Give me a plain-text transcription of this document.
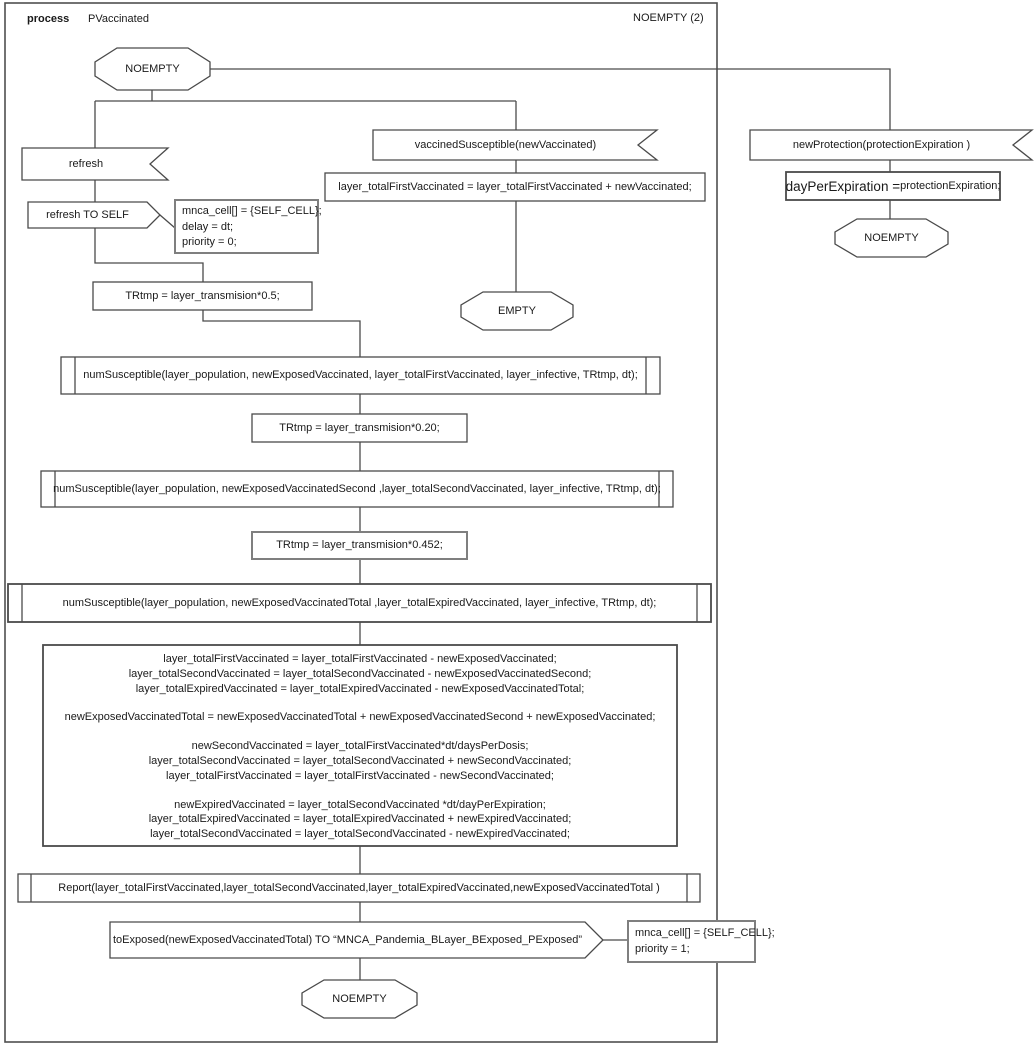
process PVaccinated	NOEMPTY (2)
NOEMPTY
refresh
refresh TO SELF	mnca_cell[] = {SELF_CELL};
delay = dt;
priority = 0;
TRtmp = layer_transmision*0.5;
numSusceptible(layer_population, newExposedVaccinated, layer_totalFirstVaccinated, layer_infective, TRtmp, dt);
TRtmp = layer_transmision*0.20;
numSusceptible(layer_population, newExposedVaccinatedSecond ,layer_totalSecondVaccinated, layer_infective, TRtmp, dt);
TRtmp = layer_transmision*0.452;
numSusceptible(layer_population, newExposedVaccinatedTotal ,layer_totalExpiredVaccinated, layer_infective, TRtmp, dt);
layer_totalFirstVaccinated = layer_totalFirstVaccinated - newExposedVaccinated;
layer_totalSecondVaccinated = layer_totalSecondVaccinated - newExposedVaccinatedSecond;
layer_totalExpiredVaccinated = layer_totalExpiredVaccinated - newExposedVaccinatedTotal;
newExposedVaccinatedTotal = newExposedVaccinatedTotal + newExposedVaccinatedSecond + newExposedVaccinated;
newSecondVaccinated = layer_totalFirstVaccinated*dt/daysPerDosis;
layer_totalSecondVaccinated = layer_totalSecondVaccinated + newSecondVaccinated;
layer_totalFirstVaccinated = layer_totalFirstVaccinated - newSecondVaccinated;
newExpiredVaccinated = layer_totalSecondVaccinated *dt/dayPerExpiration;
layer_totalExpiredVaccinated = layer_totalExpiredVaccinated + newExpiredVaccinated;
layer_totalSecondVaccinated = layer_totalSecondVaccinated - newExpiredVaccinated;
Report(layer_totalFirstVaccinated,layer_totalSecondVaccinated,layer_totalExpiredVaccinated,newExposedVaccinatedTotal )
toExposed(newExposedVaccinatedTotal) TO “MNCA_Pandemia_BLayer_BExposed_PExposed”
mnca_cell[] = {SELF_CELL};
priority = 1;
NOEMPTY
vaccinedSusceptible(newVaccinated)
layer_totalFirstVaccinated = layer_totalFirstVaccinated + newVaccinated;
EMPTY
newProtection(protectionExpiration )
dayPerExpiration = protectionExpiration;
NOEMPTY
